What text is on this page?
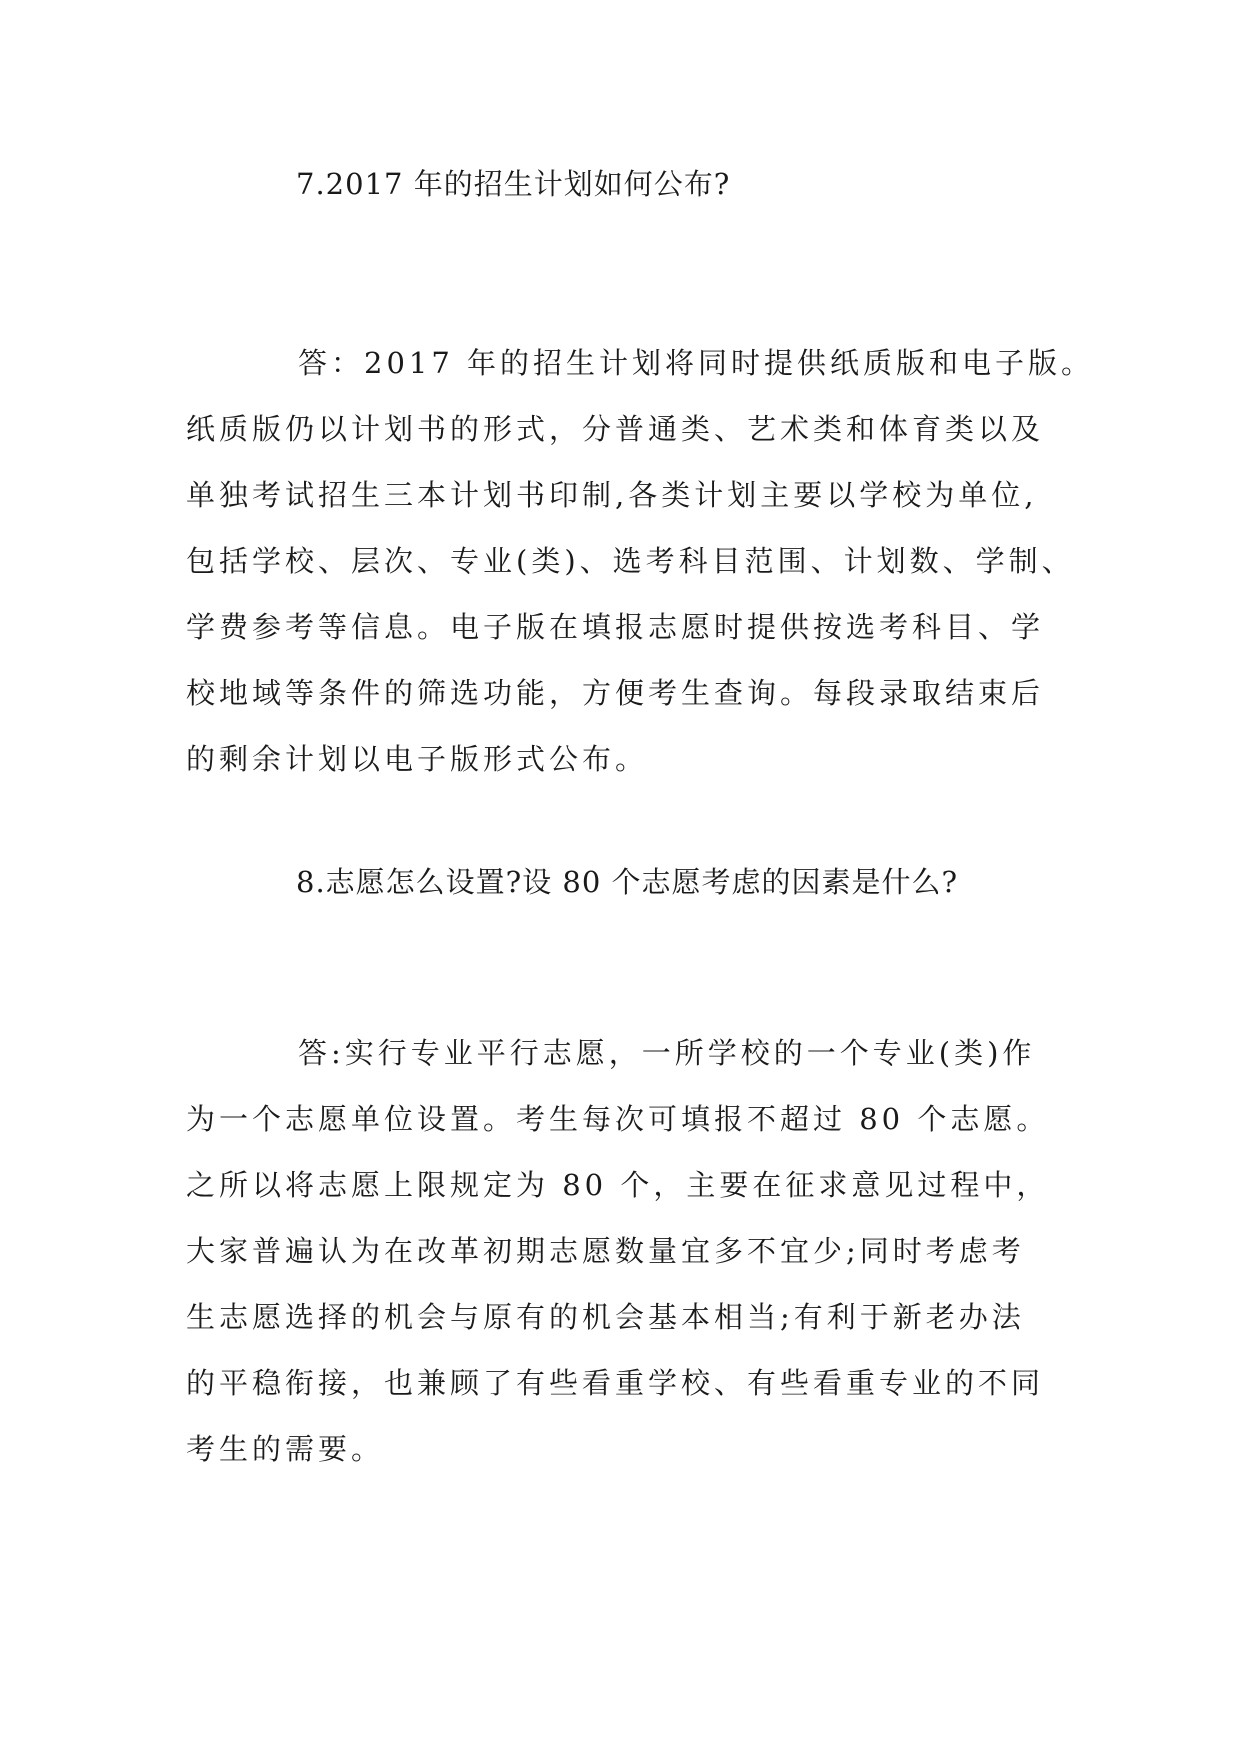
7.2017 年的招生计划如何公布?
答：2017 年的招生计划将同时提供纸质版和电子版。
纸质版仍以计划书的形式，分普通类、艺术类和体育类以及
单独考试招生三本计划书印制,各类计划主要以学校为单位,
包括学校、层次、专业(类)、选考科目范围、计划数、学制、
学费参考等信息。电子版在填报志愿时提供按选考科目、学
校地域等条件的筛选功能，方便考生查询。每段录取结束后
的剩余计划以电子版形式公布。
8.志愿怎么设置?设 80 个志愿考虑的因素是什么?
答:实行专业平行志愿，一所学校的一个专业(类)作
为一个志愿单位设置。考生每次可填报不超过 80 个志愿。
之所以将志愿上限规定为 80 个，主要在征求意见过程中，
大家普遍认为在改革初期志愿数量宜多不宜少;同时考虑考
生志愿选择的机会与原有的机会基本相当;有利于新老办法
的平稳衔接，也兼顾了有些看重学校、有些看重专业的不同
考生的需要。
